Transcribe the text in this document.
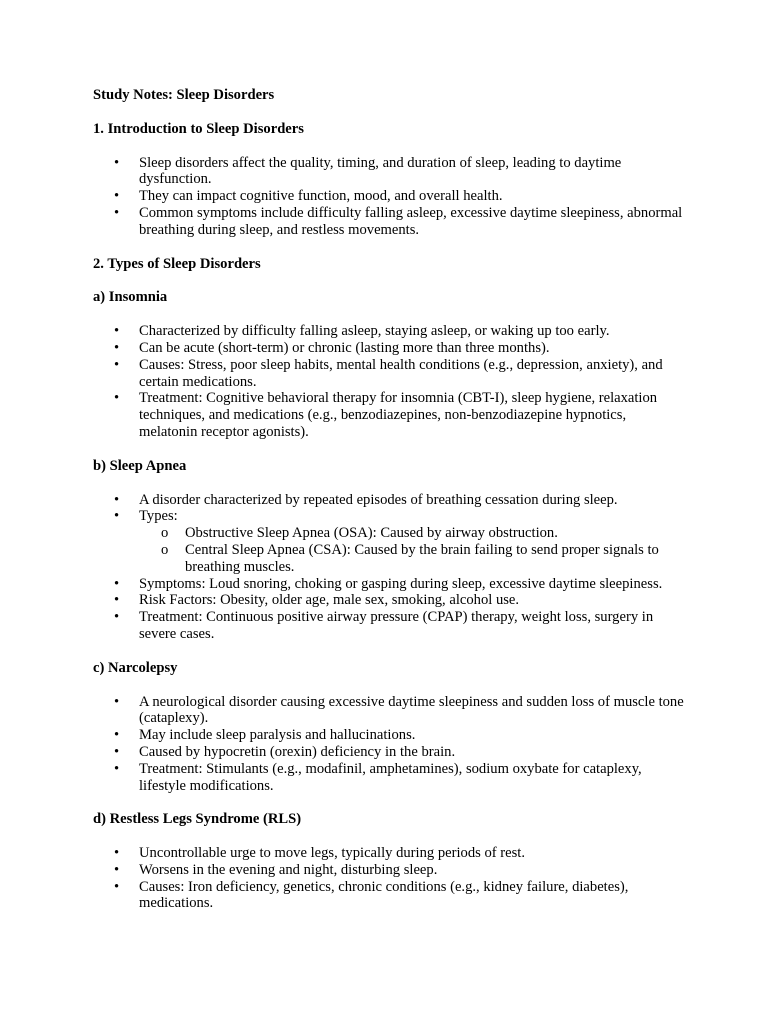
Study Notes: Sleep Disorders

1. Introduction to Sleep Disorders

• Sleep disorders affect the quality, timing, and duration of sleep, leading to daytime dysfunction.
• They can impact cognitive function, mood, and overall health.
• Common symptoms include difficulty falling asleep, excessive daytime sleepiness, abnormal breathing during sleep, and restless movements.

2. Types of Sleep Disorders

a) Insomnia

• Characterized by difficulty falling asleep, staying asleep, or waking up too early.
• Can be acute (short-term) or chronic (lasting more than three months).
• Causes: Stress, poor sleep habits, mental health conditions (e.g., depression, anxiety), and certain medications.
• Treatment: Cognitive behavioral therapy for insomnia (CBT-I), sleep hygiene, relaxation techniques, and medications (e.g., benzodiazepines, non-benzodiazepine hypnotics, melatonin receptor agonists).

b) Sleep Apnea

• A disorder characterized by repeated episodes of breathing cessation during sleep.
• Types:
o Obstructive Sleep Apnea (OSA): Caused by airway obstruction.
o Central Sleep Apnea (CSA): Caused by the brain failing to send proper signals to breathing muscles.
• Symptoms: Loud snoring, choking or gasping during sleep, excessive daytime sleepiness.
• Risk Factors: Obesity, older age, male sex, smoking, alcohol use.
• Treatment: Continuous positive airway pressure (CPAP) therapy, weight loss, surgery in severe cases.

c) Narcolepsy

• A neurological disorder causing excessive daytime sleepiness and sudden loss of muscle tone (cataplexy).
• May include sleep paralysis and hallucinations.
• Caused by hypocretin (orexin) deficiency in the brain.
• Treatment: Stimulants (e.g., modafinil, amphetamines), sodium oxybate for cataplexy, lifestyle modifications.

d) Restless Legs Syndrome (RLS)

• Uncontrollable urge to move legs, typically during periods of rest.
• Worsens in the evening and night, disturbing sleep.
• Causes: Iron deficiency, genetics, chronic conditions (e.g., kidney failure, diabetes), medications.
